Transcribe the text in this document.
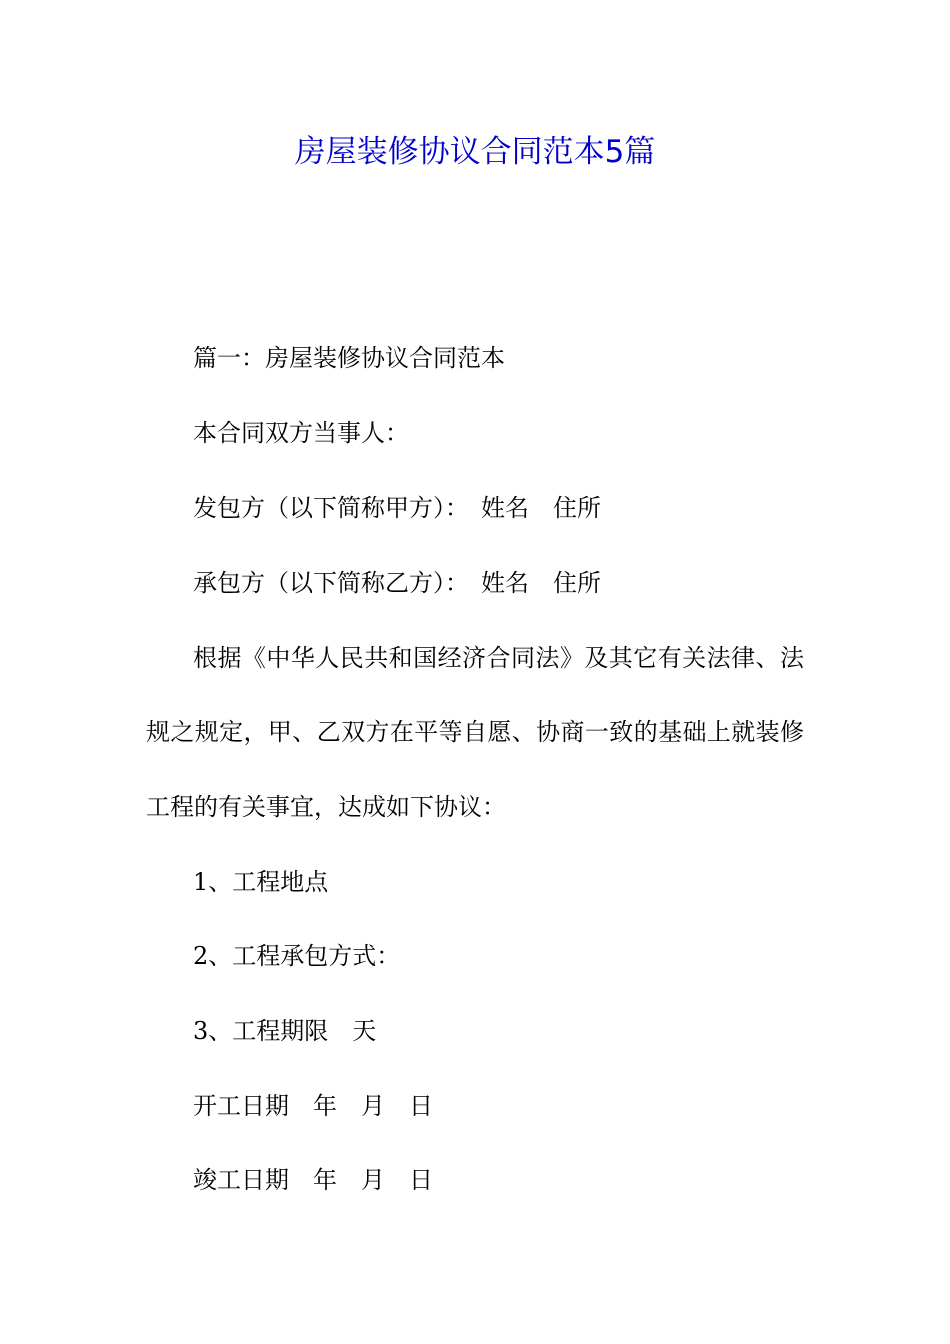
房屋装修协议合同范本5篇
篇一：房屋装修协议合同范本
本合同双方当事人：
发包方（以下简称甲方）：　姓名　住所
承包方（以下简称乙方）：　姓名　住所
根据《中华人民共和国经济合同法》及其它有关法律、法
规之规定，甲、乙双方在平等自愿、协商一致的基础上就装修
工程的有关事宜，达成如下协议：
1、工程地点
2、工程承包方式：
3、工程期限　天
开工日期　年　月　日
竣工日期　年　月　日
